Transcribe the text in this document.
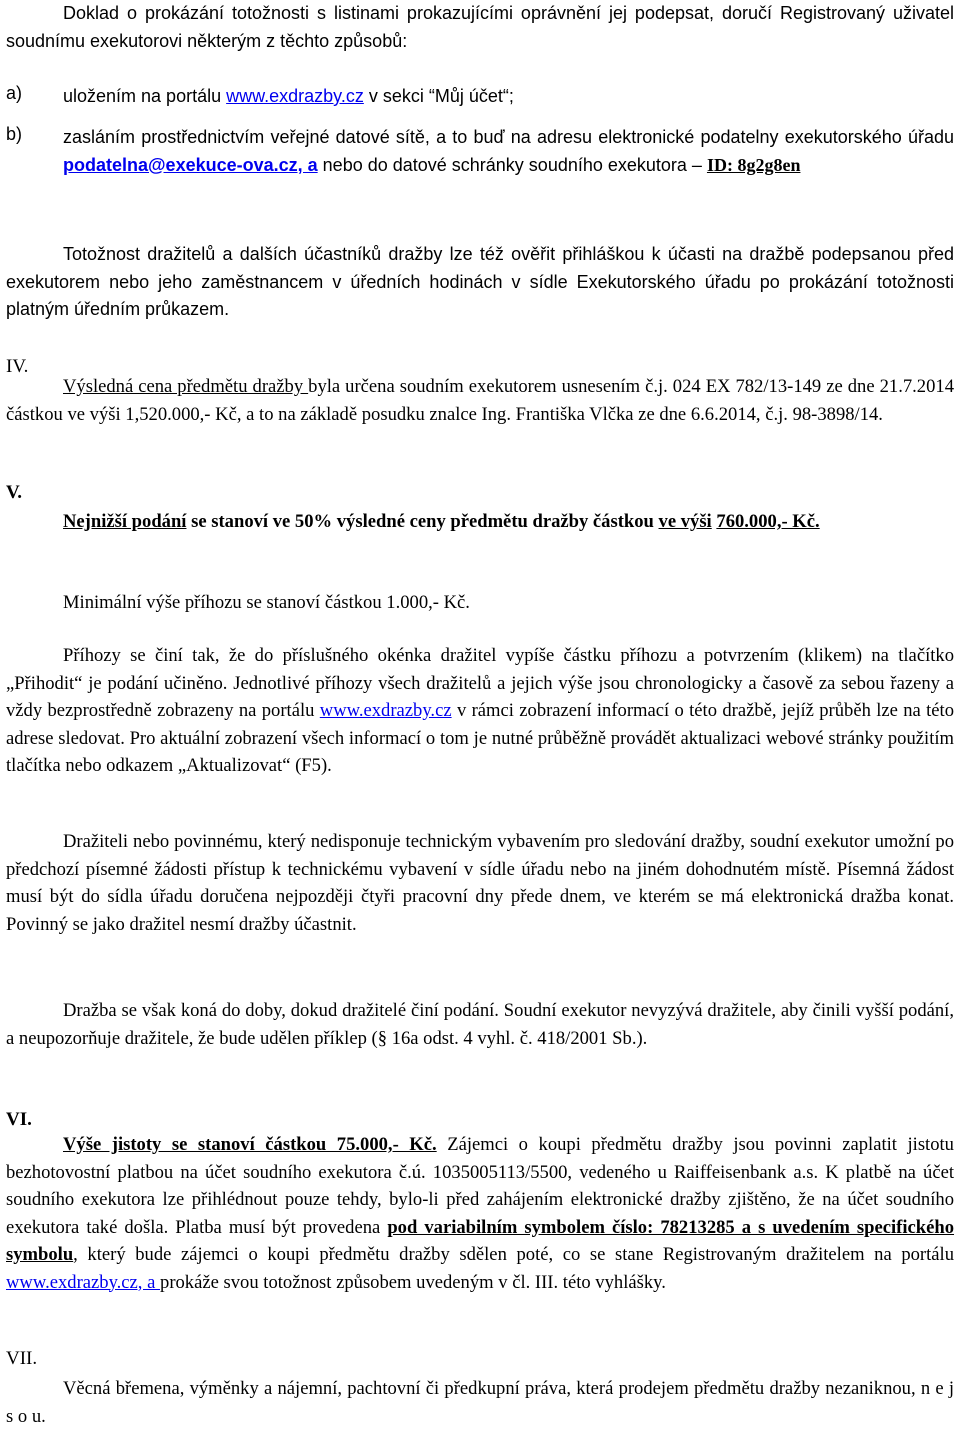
Doklad o prokázání totožnosti s listinami prokazujícími oprávnění jej podepsat, doručí Registrovaný uživatel soudnímu exekutorovi některým z těchto způsobů:

a)	uložením na portálu www.exdrazby.cz v sekci “Můj účet“;
b)	zasláním prostřednictvím veřejné datové sítě, a to buď na adresu elektronické podatelny exekutorského úřadu podatelna@exekuce-ova.cz, a nebo do datové schránky soudního exekutora – ID: 8g2g8en

Totožnost dražitelů a dalších účastníků dražby lze též ověřit přihláškou k účasti na dražbě podepsanou před exekutorem nebo jeho zaměstnancem v úředních hodinách v sídle Exekutorského úřadu po prokázání totožnosti platným úředním průkazem.

IV.

Výsledná cena předmětu dražby byla určena soudním exekutorem usnesením č.j. 024 EX 782/13-149 ze dne 21.7.2014 částkou ve výši 1,520.000,- Kč, a to na základě posudku znalce Ing. Františka Vlčka ze dne 6.6.2014, č.j. 98-3898/14.

V.

Nejnižší podání se stanoví ve 50% výsledné ceny předmětu dražby částkou ve výši 760.000,- Kč.

Minimální výše příhozu se stanoví částkou 1.000,- Kč.

Příhozy se činí tak, že do příslušného okénka dražitel vypíše částku příhozu a potvrzením (klikem) na tlačítko „Přihodit“ je podání učiněno. Jednotlivé příhozy všech dražitelů a jejich výše jsou chronologicky a časově za sebou řazeny a vždy bezprostředně zobrazeny na portálu www.exdrazby.cz v rámci zobrazení informací o této dražbě, jejíž průběh lze na této adrese sledovat. Pro aktuální zobrazení všech informací o tom je nutné průběžně provádět aktualizaci webové stránky použitím tlačítka nebo odkazem „Aktualizovat“ (F5).

Dražiteli nebo povinnému, který nedisponuje technickým vybavením pro sledování dražby, soudní exekutor umožní po předchozí písemné žádosti přístup k technickému vybavení v sídle úřadu nebo na jiném dohodnutém místě. Písemná žádost musí být do sídla úřadu doručena nejpozději čtyři pracovní dny přede dnem, ve kterém se má elektronická dražba konat. Povinný se jako dražitel nesmí dražby účastnit.

Dražba se však koná do doby, dokud dražitelé činí podání. Soudní exekutor nevyzývá dražitele, aby činili vyšší podání, a neupozorňuje dražitele, že bude udělen příklep (§ 16a odst. 4 vyhl. č. 418/2001 Sb.).

VI.

Výše jistoty se stanoví částkou 75.000,- Kč. Zájemci o koupi předmětu dražby jsou povinni zaplatit jistotu bezhotovostní platbou na účet soudního exekutora č.ú. 1035005113/5500, vedeného u Raiffeisenbank a.s. K platbě na účet soudního exekutora lze přihlédnout pouze tehdy, bylo-li před zahájením elektronické dražby zjištěno, že na účet soudního exekutora také došla. Platba musí být provedena pod variabilním symbolem číslo: 78213285 a s uvedením specifického symbolu, který bude zájemci o koupi předmětu dražby sdělen poté, co se stane Registrovaným dražitelem na portálu www.exdrazby.cz, a prokáže svou totožnost způsobem uvedeným v čl. III. této vyhlášky.

VII.

Věcná břemena, výměnky a nájemní, pachtovní či předkupní práva, která prodejem předmětu dražby nezaniknou, n e j s o u.
